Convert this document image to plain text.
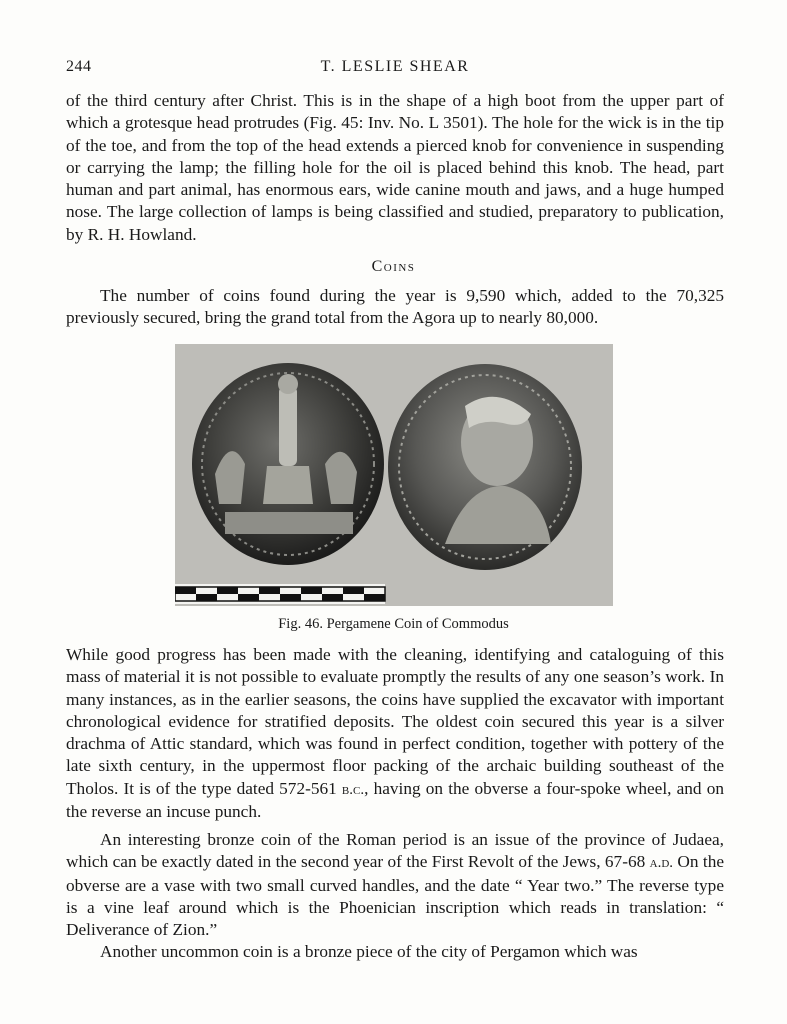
244	T. LESLIE SHEAR

of the third century after Christ. This is in the shape of a high boot from the upper part of which a grotesque head protrudes (Fig. 45: Inv. No. L 3501). The hole for the wick is in the tip of the toe, and from the top of the head extends a pierced knob for convenience in suspending or carrying the lamp; the filling hole for the oil is placed behind this knob. The head, part human and part animal, has enormous ears, wide canine mouth and jaws, and a huge humped nose. The large collection of lamps is being classified and studied, preparatory to publication, by R. H. Howland.

Coins

The number of coins found during the year is 9,590 which, added to the 70,325 previously secured, bring the grand total from the Agora up to nearly 80,000.

Fig. 46. Pergamene Coin of Commodus

While good progress has been made with the cleaning, identifying and cataloguing of this mass of material it is not possible to evaluate promptly the results of any one season’s work. In many instances, as in the earlier seasons, the coins have supplied the excavator with important chronological evidence for stratified deposits. The oldest coin secured this year is a silver drachma of Attic standard, which was found in perfect condition, together with pottery of the late sixth century, in the uppermost floor packing of the archaic building southeast of the Tholos. It is of the type dated 572-561 b.c., having on the obverse a four-spoke wheel, and on the reverse an incuse punch.

An interesting bronze coin of the Roman period is an issue of the province of Judaea, which can be exactly dated in the second year of the First Revolt of the Jews, 67-68 a.d. On the obverse are a vase with two small curved handles, and the date “ Year two.” The reverse type is a vine leaf around which is the Phoenician inscription which reads in translation: “ Deliverance of Zion.”

Another uncommon coin is a bronze piece of the city of Pergamon which was
